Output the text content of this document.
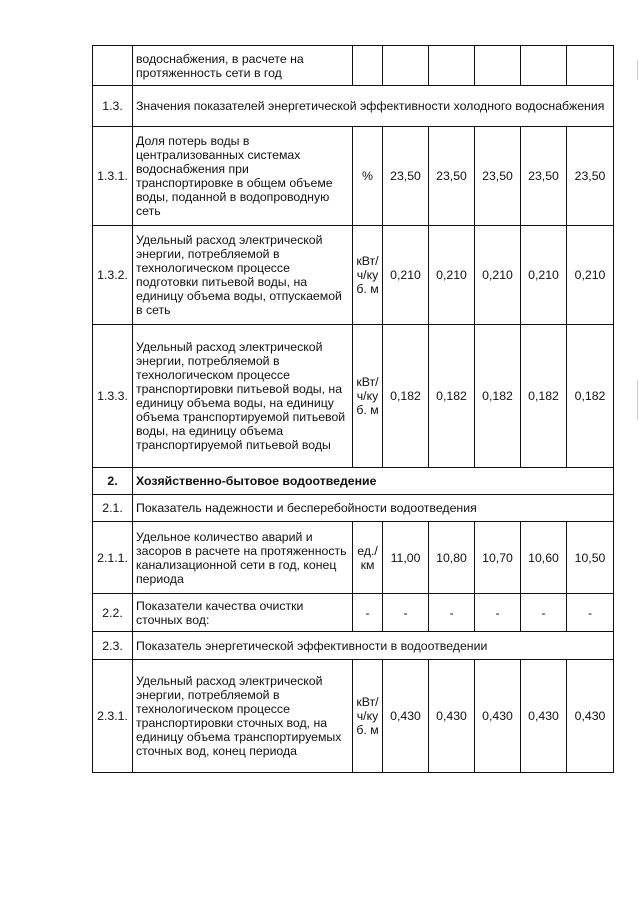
	водоснабжения, в расчете на протяженность сети в год						
1.3.	Значения показателей энергетической эффективности холодного водоснабжения						
1.3.1.	Доля потерь воды в централизованных системах водоснабжения при транспортировке в общем объеме воды, поданной в водопроводную сеть	%	23,50	23,50	23,50	23,50	23,50
1.3.2.	Удельный расход электрической энергии, потребляемой в технологическом процессе подготовки питьевой воды, на единицу объема воды, отпускаемой в сеть	кВт/ ч/ку б. м	0,210	0,210	0,210	0,210	0,210
1.3.3.	Удельный расход электрической энергии, потребляемой в технологическом процессе транспортировки питьевой воды, на единицу объема воды, на единицу объема транспортируемой питьевой воды, на единицу объема транспортируемой питьевой воды	кВт/ ч/ку б. м	0,182	0,182	0,182	0,182	0,182
2.	Хозяйственно-бытовое водоотведение						
2.1.	Показатель надежности и бесперебойности водоотведения						
2.1.1.	Удельное количество аварий и засоров в расчете на протяженность канализационной сети в год, конец периода	ед./ км	11,00	10,80	10,70	10,60	10,50
2.2.	Показатели качества очистки сточных вод:	-	-	-	-	-	-
2.3.	Показатель энергетической эффективности в водоотведении						
2.3.1.	Удельный расход электрической энергии, потребляемой в технологическом процессе транспортировки сточных вод, на единицу объема транспортируемых сточных вод, конец периода	кВт/ ч/ку б. м	0,430	0,430	0,430	0,430	0,430
